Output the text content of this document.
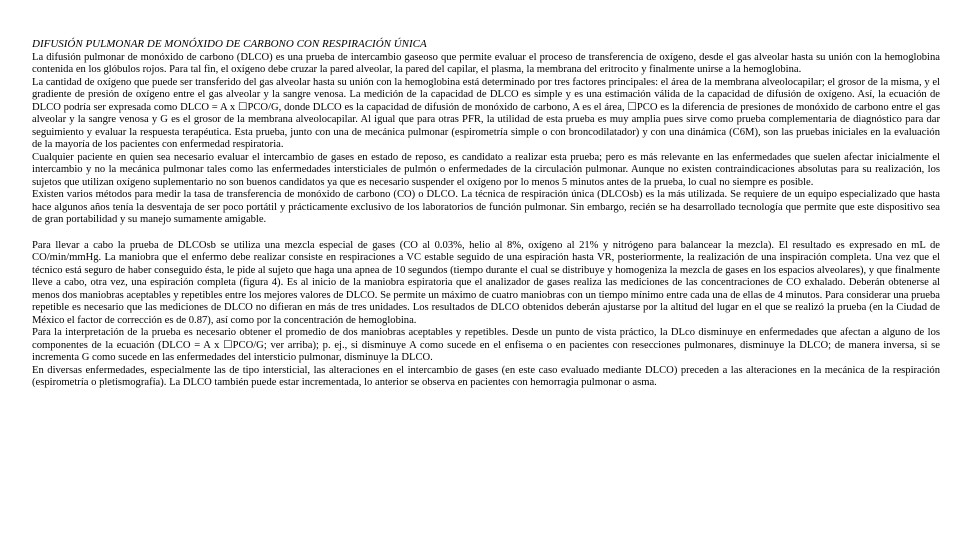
DIFUSIÓN PULMONAR DE MONÓXIDO DE CARBONO CON RESPIRACIÓN ÚNICA

La difusión pulmonar de monóxido de carbono (DLCO) es una prueba de intercambio gaseoso que permite evaluar el proceso de transferencia de oxígeno, desde el gas alveolar hasta su unión con la hemoglobina contenida en los glóbulos rojos. Para tal fin, el oxígeno debe cruzar la pared alveolar, la pared del capilar, el plasma, la membrana del eritrocito y finalmente unirse a la hemoglobina.

La cantidad de oxígeno que puede ser transferido del gas alveolar hasta su unión con la hemoglobina está determinado por tres factores principales: el área de la membrana alveolocapilar; el grosor de la misma, y el gradiente de presión de oxígeno entre el gas alveolar y la sangre venosa. La medición de la capacidad de DLCO es simple y es una estimación válida de la capacidad de difusión de oxígeno. Así, la ecuación de DLCO podría ser expresada como DLCO = A x ☐PCO/G, donde DLCO es la capacidad de difusión de monóxido de carbono, A es el área, ☐PCO es la diferencia de presiones de monóxido de carbono entre el gas alveolar y la sangre venosa y G es el grosor de la membrana alveolocapilar. Al igual que para otras PFR, la utilidad de esta prueba es muy amplia pues sirve como prueba complementaria de diagnóstico para dar seguimiento y evaluar la respuesta terapéutica. Esta prueba, junto con una de mecánica pulmonar (espirometría simple o con broncodilatador) y con una dinámica (C6M), son las pruebas iniciales en la evaluación de la mayoría de los pacientes con enfermedad respiratoria.

Cualquier paciente en quien sea necesario evaluar el intercambio de gases en estado de reposo, es candidato a realizar esta prueba; pero es más relevante en las enfermedades que suelen afectar inicialmente el intercambio y no la mecánica pulmonar tales como las enfermedades intersticiales de pulmón o enfermedades de la circulación pulmonar. Aunque no existen contraindicaciones absolutas para su realización, los sujetos que utilizan oxígeno suplementario no son buenos candidatos ya que es necesario suspender el oxígeno por lo menos 5 minutos antes de la prueba, lo cual no siempre es posible.

Existen varios métodos para medir la tasa de transferencia de monóxido de carbono (CO) o DLCO. La técnica de respiración única (DLCOsb) es la más utilizada. Se requiere de un equipo especializado que hasta hace algunos años tenía la desventaja de ser poco portátil y prácticamente exclusivo de los laboratorios de función pulmonar. Sin embargo, recién se ha desarrollado tecnología que permite que este dispositivo sea de gran portabilidad y su manejo sumamente amigable.

Para llevar a cabo la prueba de DLCOsb se utiliza una mezcla especial de gases (CO al 0.03%, helio al 8%, oxígeno al 21% y nitrógeno para balancear la mezcla). El resultado es expresado en mL de CO/min/mmHg. La maniobra que el enfermo debe realizar consiste en respiraciones a VC estable seguido de una espiración hasta VR, posteriormente, la realización de una inspiración completa. Una vez que el técnico está seguro de haber conseguido ésta, le pide al sujeto que haga una apnea de 10 segundos (tiempo durante el cual se distribuye y homogeniza la mezcla de gases en los espacios alveolares), y que finalmente lleve a cabo, otra vez, una espiración completa (figura 4). Es al inicio de la maniobra espiratoria que el analizador de gases realiza las mediciones de las concentraciones de CO exhalado. Deberán obtenerse al menos dos maniobras aceptables y repetibles entre los mejores valores de DLCO. Se permite un máximo de cuatro maniobras con un tiempo mínimo entre cada una de ellas de 4 minutos. Para considerar una prueba repetible es necesario que las mediciones de DLCO no difieran en más de tres unidades. Los resultados de DLCO obtenidos deberán ajustarse por la altitud del lugar en el que se realizó la prueba (en la Ciudad de México el factor de corrección es de 0.87), así como por la concentración de hemoglobina.

Para la interpretación de la prueba es necesario obtener el promedio de dos maniobras aceptables y repetibles. Desde un punto de vista práctico, la DLco disminuye en enfermedades que afectan a alguno de los componentes de la ecuación (DLCO = A x ☐PCO/G; ver arriba); p. ej., si disminuye A como sucede en el enfisema o en pacientes con resecciones pulmonares, disminuye la DLCO; de manera inversa, si se incrementa G como sucede en las enfermedades del intersticio pulmonar, disminuye la DLCO.

En diversas enfermedades, especialmente las de tipo intersticial, las alteraciones en el intercambio de gases (en este caso evaluado mediante DLCO) preceden a las alteraciones en la mecánica de la respiración (espirometría o pletismografía). La DLCO también puede estar incrementada, lo anterior se observa en pacientes con hemorragia pulmonar o asma.
